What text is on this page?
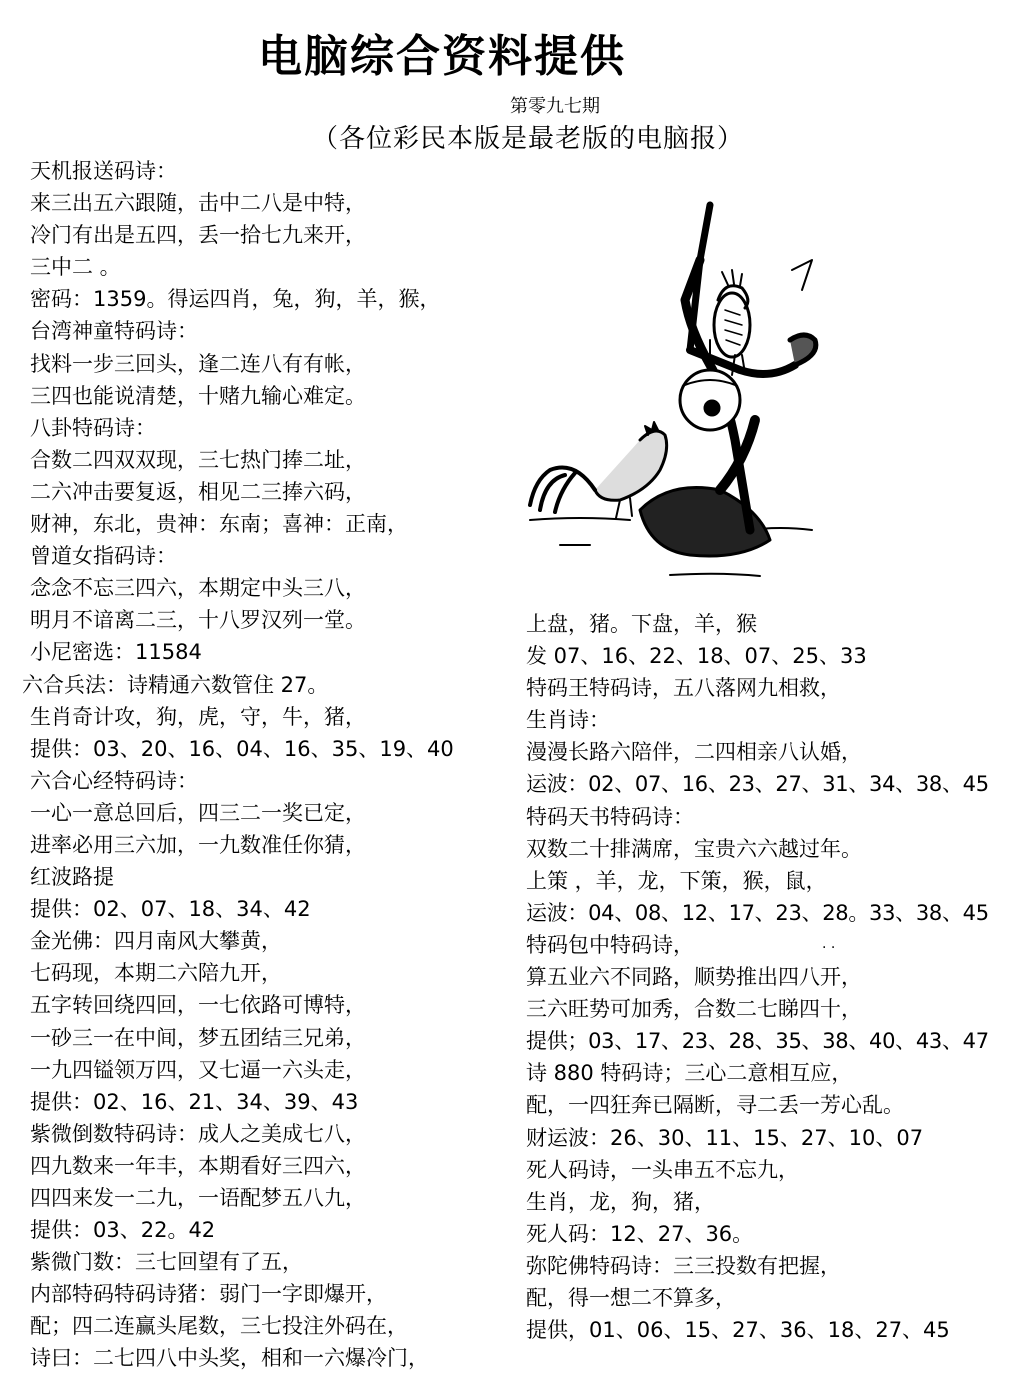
电脑综合资料提供
第零九七期
（各位彩民本版是最老版的电脑报）
天机报送码诗：
来三出五六跟随，击中二八是中特，
冷门有出是五四，丢一拾七九来开，
三中二 。
密码：1359。得运四肖，兔，狗，羊，猴，
台湾神童特码诗：
找料一步三回头，逢二连八有有帐，
三四也能说清楚，十赌九输心难定。
八卦特码诗：
合数二四双双现，三七热门捧二址，
二六冲击要复返，相见二三捧六码，
财神，东北，贵神：东南；喜神：正南，
曾道女指码诗：
念念不忘三四六，本期定中头三八，
明月不谙离二三，十八罗汉列一堂。
小尼密选：11584
六合兵法：诗精通六数管住 27。
生肖奇计攻，狗，虎，守，牛，猪，
提供：03、20、16、04、16、35、19、40
六合心经特码诗：
一心一意总回后，四三二一奖已定，
进率必用三六加，一九数准任你猜，
红波路提
提供：02、07、18、34、42
金光佛：四月南风大攀黄，
七码现，本期二六陪九开，
五字转回绕四回，一七依路可博特，
一砂三一在中间，梦五团结三兄弟，
一九四镒领万四，又七逼一六头走，
提供：02、16、21、34、39、43
紫微倒数特码诗：成人之美成七八，
四九数来一年丰，本期看好三四六，
四四来发一二九，一语配梦五八九，
提供：03、22。42
紫微门数：三七回望有了五，
内部特码特码诗猪：弱门一字即爆开，
配；四二连赢头尾数，三七投注外码在，
诗曰：二七四八中头奖，相和一六爆冷门，
上盘，猪。下盘，羊，猴
发 07、16、22、18、07、25、33
特码王特码诗，五八落网九相救，
生肖诗：
漫漫长路六陪伴，二四相亲八认婚，
运波：02、07、16、23、27、31、34、38、45
特码天书特码诗：
双数二十排满席，宝贵六六越过年。
上策 ，羊，龙，下策，猴，鼠，
运波：04、08、12、17、23、28。33、38、45
特码包中特码诗，
算五业六不同路，顺势推出四八开，
三六旺势可加秀，合数二七睇四十，
提供；03、17、23、28、35、38、40、43、47
诗 880 特码诗；三心二意相互应，
配，一四狂奔已隔断，寻二丢一芳心乱。
财运波：26、30、11、15、27、10、07
死人码诗，一头串五不忘九，
生肖，龙，狗，猪，
死人码：12、27、36。
弥陀佛特码诗：三三投数有把握，
配，得一想二不算多，
提供，01、06、15、27、36、18、27、45
. .
